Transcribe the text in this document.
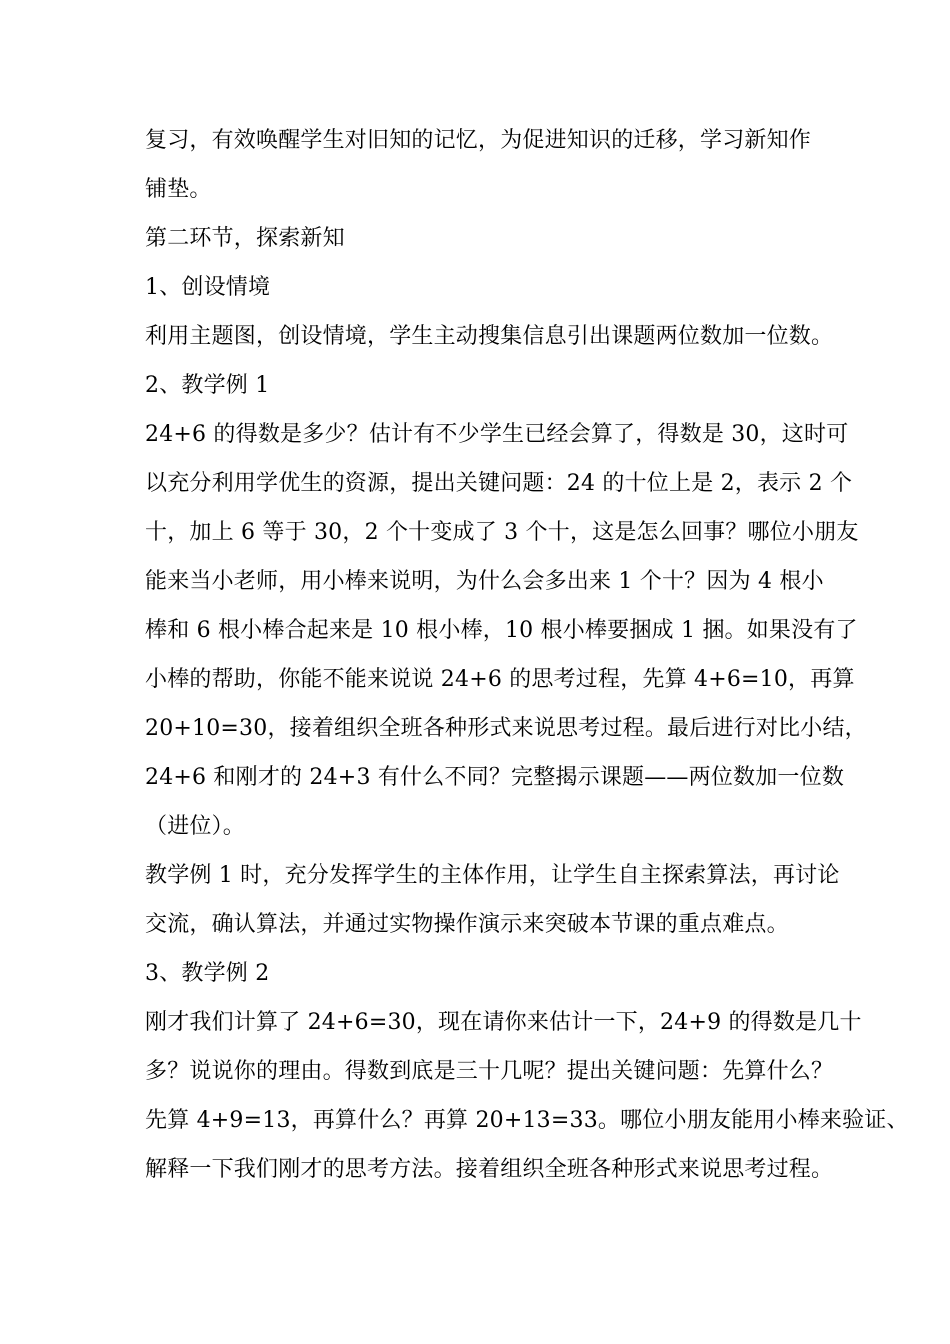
复习，有效唤醒学生对旧知的记忆，为促进知识的迁移，学习新知作
铺垫。
第二环节，探索新知
1、创设情境
利用主题图，创设情境，学生主动搜集信息引出课题两位数加一位数。
2、教学例 1
24+6 的得数是多少？估计有不少学生已经会算了，得数是 30，这时可
以充分利用学优生的资源，提出关键问题：24 的十位上是 2，表示 2 个
十，加上 6 等于 30，2 个十变成了 3 个十，这是怎么回事？哪位小朋友
能来当小老师，用小棒来说明，为什么会多出来 1 个十？因为 4 根小
棒和 6 根小棒合起来是 10 根小棒，10 根小棒要捆成 1 捆。如果没有了
小棒的帮助，你能不能来说说 24+6 的思考过程，先算 4+6=10，再算
20+10=30，接着组织全班各种形式来说思考过程。最后进行对比小结，
24+6 和刚才的 24+3 有什么不同？完整揭示课题——两位数加一位数
（进位）。
教学例 1 时，充分发挥学生的主体作用，让学生自主探索算法，再讨论
交流，确认算法，并通过实物操作演示来突破本节课的重点难点。
3、教学例 2
刚才我们计算了 24+6=30，现在请你来估计一下，24+9 的得数是几十
多？说说你的理由。得数到底是三十几呢？提出关键问题：先算什么？
先算 4+9=13，再算什么？再算 20+13=33。哪位小朋友能用小棒来验证、
解释一下我们刚才的思考方法。接着组织全班各种形式来说思考过程。
